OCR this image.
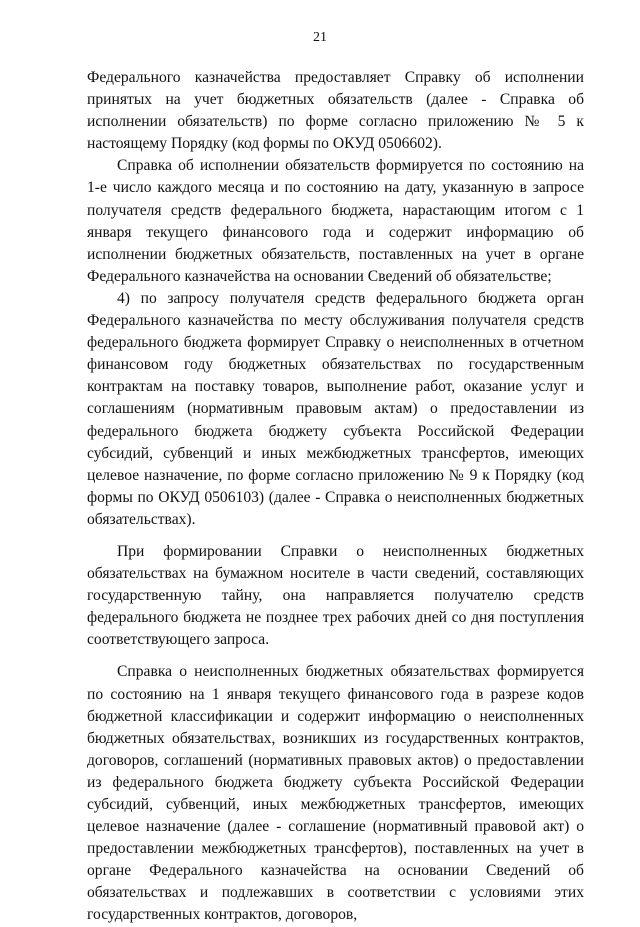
21

Федерального казначейства предоставляет Справку об исполнении принятых на учет бюджетных обязательств (далее - Справка об исполнении обязательств) по форме согласно приложению № 5 к настоящему Порядку (код формы по ОКУД 0506602).

Справка об исполнении обязательств формируется по состоянию на 1-е число каждого месяца и по состоянию на дату, указанную в запросе получателя средств федерального бюджета, нарастающим итогом с 1 января текущего финансового года и содержит информацию об исполнении бюджетных обязательств, поставленных на учет в органе Федерального казначейства на основании Сведений об обязательстве;

4) по запросу получателя средств федерального бюджета орган Федерального казначейства по месту обслуживания получателя средств федерального бюджета формирует Справку о неисполненных в отчетном финансовом году бюджетных обязательствах по государственным контрактам на поставку товаров, выполнение работ, оказание услуг и соглашениям (нормативным правовым актам) о предоставлении из федерального бюджета бюджету субъекта Российской Федерации субсидий, субвенций и иных межбюджетных трансфертов, имеющих целевое назначение, по форме согласно приложению № 9 к Порядку (код формы по ОКУД 0506103) (далее - Справка о неисполненных бюджетных обязательствах).

При формировании Справки о неисполненных бюджетных обязательствах на бумажном носителе в части сведений, составляющих государственную тайну, она направляется получателю средств федерального бюджета не позднее трех рабочих дней со дня поступления соответствующего запроса.

Справка о неисполненных бюджетных обязательствах формируется по состоянию на 1 января текущего финансового года в разрезе кодов бюджетной классификации и содержит информацию о неисполненных бюджетных обязательствах, возникших из государственных контрактов, договоров, соглашений (нормативных правовых актов) о предоставлении из федерального бюджета бюджету субъекта Российской Федерации субсидий, субвенций, иных межбюджетных трансфертов, имеющих целевое назначение (далее - соглашение (нормативный правовой акт) о предоставлении межбюджетных трансфертов), поставленных на учет в органе Федерального казначейства на основании Сведений об обязательствах и подлежавших в соответствии с условиями этих государственных контрактов, договоров,
